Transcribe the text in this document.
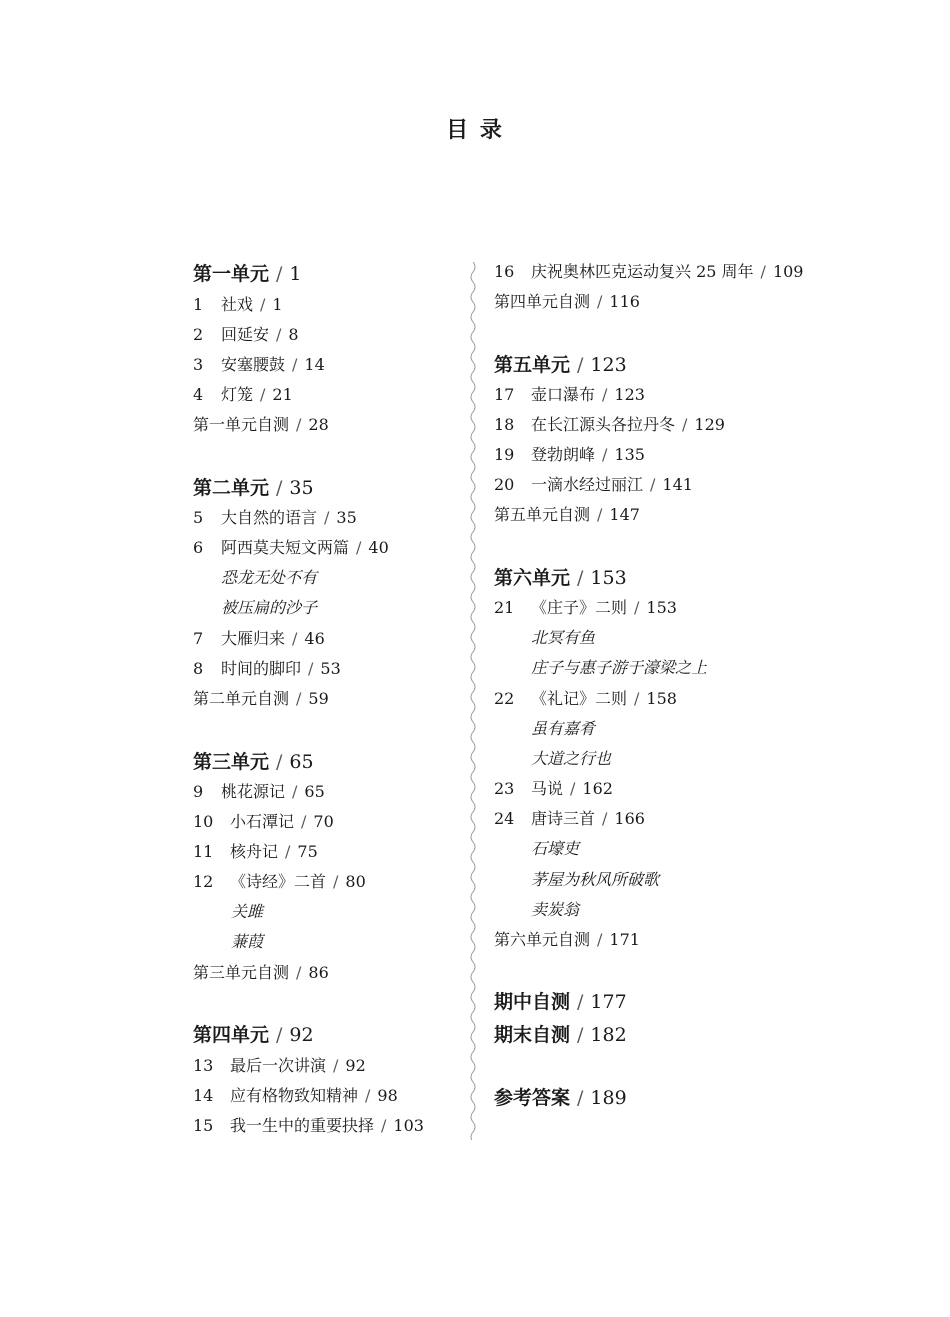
目 录
第一单元 / 1
1 社戏 / 1
2 回延安 / 8
3 安塞腰鼓 / 14
4 灯笼 / 21
第一单元自测 / 28
第二单元 / 35
5 大自然的语言 / 35
6 阿西莫夫短文两篇 / 40
恐龙无处不有
被压扁的沙子
7 大雁归来 / 46
8 时间的脚印 / 53
第二单元自测 / 59
第三单元 / 65
9 桃花源记 / 65
10 小石潭记 / 70
11 核舟记 / 75
12 《诗经》二首 / 80
关雎
蒹葭
第三单元自测 / 86
第四单元 / 92
13 最后一次讲演 / 92
14 应有格物致知精神 / 98
15 我一生中的重要抉择 / 103
16 庆祝奥林匹克运动复兴 25 周年 / 109
第四单元自测 / 116
第五单元 / 123
17 壶口瀑布 / 123
18 在长江源头各拉丹冬 / 129
19 登勃朗峰 / 135
20 一滴水经过丽江 / 141
第五单元自测 / 147
第六单元 / 153
21 《庄子》二则 / 153
北冥有鱼
庄子与惠子游于濠梁之上
22 《礼记》二则 / 158
虽有嘉肴
大道之行也
23 马说 / 162
24 唐诗三首 / 166
石壕吏
茅屋为秋风所破歌
卖炭翁
第六单元自测 / 171
期中自测 / 177
期末自测 / 182
参考答案 / 189
